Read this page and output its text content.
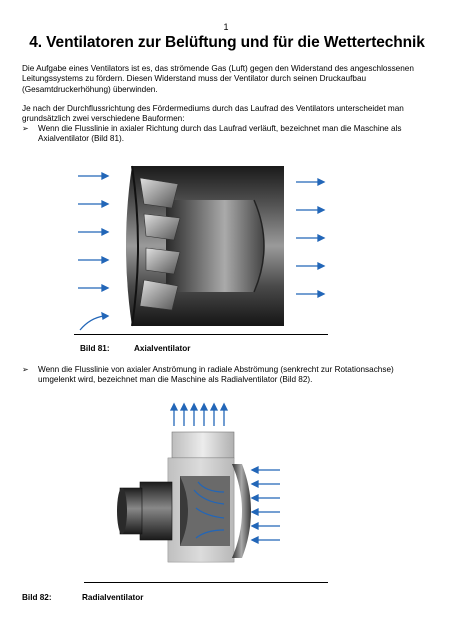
1
4. Ventilatoren zur Belüftung und für die Wettertechnik

Die Aufgabe eines Ventilators ist es, das strömende Gas (Luft) gegen den Widerstand des angeschlossenen Leitungssystems zu fördern. Diesen Widerstand muss der Ventilator durch seinen Druckaufbau (Gesamtdruckerhöhung) überwinden.

Je nach der Durchflussrichtung des Fördermediums durch das Laufrad des Ventilators unterscheidet man grundsätzlich zwei verschiedene Bauformen:

➢ Wenn die Flusslinie in axialer Richtung durch das Laufrad verläuft, bezeichnet man die Maschine als Axialventilator (Bild 81).
Bild 81:	Axialventilator
➢ Wenn die Flusslinie von axialer Anströmung in radiale Abströmung (senkrecht zur Rotationsachse) umgelenkt wird, bezeichnet man die Maschine als Radialventilator (Bild 82).
Bild 82:	Radialventilator
